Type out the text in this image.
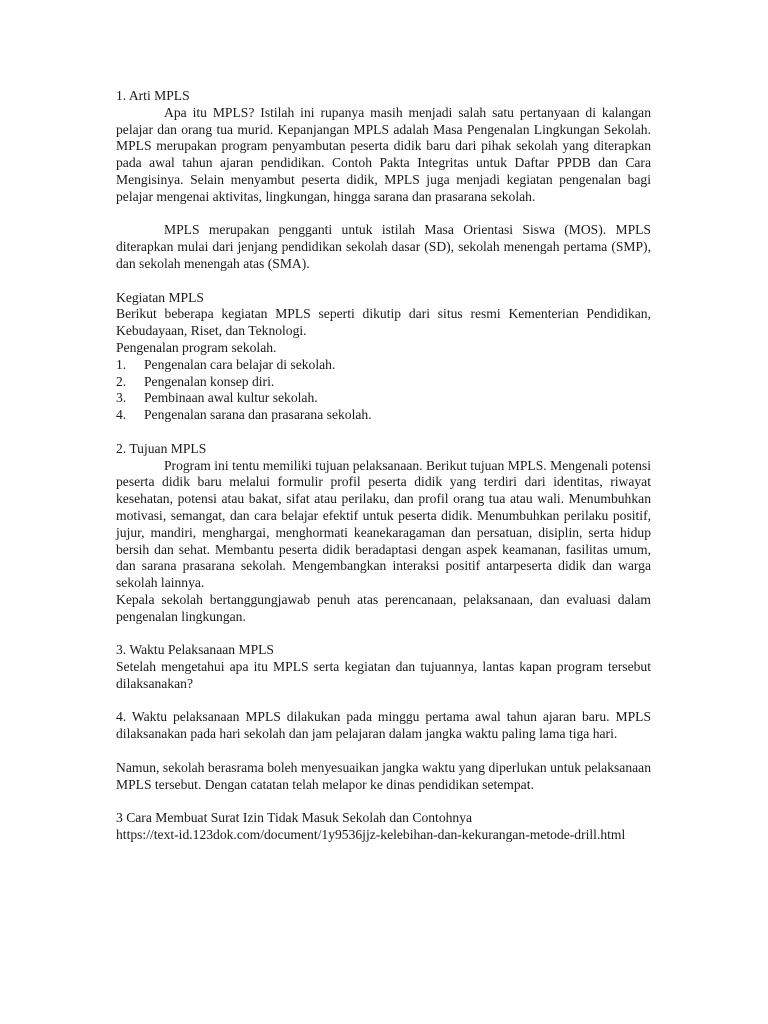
1. Arti MPLS

Apa itu MPLS? Istilah ini rupanya masih menjadi salah satu pertanyaan di kalangan pelajar dan orang tua murid. Kepanjangan MPLS adalah Masa Pengenalan Lingkungan Sekolah. MPLS merupakan program penyambutan peserta didik baru dari pihak sekolah yang diterapkan pada awal tahun ajaran pendidikan. Contoh Pakta Integritas untuk Daftar PPDB dan Cara Mengisinya. Selain menyambut peserta didik, MPLS juga menjadi kegiatan pengenalan bagi pelajar mengenai aktivitas, lingkungan, hingga sarana dan prasarana sekolah.

MPLS merupakan pengganti untuk istilah Masa Orientasi Siswa (MOS). MPLS diterapkan mulai dari jenjang pendidikan sekolah dasar (SD), sekolah menengah pertama (SMP), dan sekolah menengah atas (SMA).

Kegiatan MPLS

Berikut beberapa kegiatan MPLS seperti dikutip dari situs resmi Kementerian Pendidikan, Kebudayaan, Riset, dan Teknologi.

Pengenalan program sekolah.

1. Pengenalan cara belajar di sekolah.
2. Pengenalan konsep diri.
3. Pembinaan awal kultur sekolah.
4. Pengenalan sarana dan prasarana sekolah.

2. Tujuan MPLS

Program ini tentu memiliki tujuan pelaksanaan. Berikut tujuan MPLS. Mengenali potensi peserta didik baru melalui formulir profil peserta didik yang terdiri dari identitas, riwayat kesehatan, potensi atau bakat, sifat atau perilaku, dan profil orang tua atau wali. Menumbuhkan motivasi, semangat, dan cara belajar efektif untuk peserta didik. Menumbuhkan perilaku positif, jujur, mandiri, menghargai, menghormati keanekaragaman dan persatuan, disiplin, serta hidup bersih dan sehat. Membantu peserta didik beradaptasi dengan aspek keamanan, fasilitas umum, dan sarana prasarana sekolah. Mengembangkan interaksi positif antarpeserta didik dan warga sekolah lainnya.

Kepala sekolah bertanggungjawab penuh atas perencanaan, pelaksanaan, dan evaluasi dalam pengenalan lingkungan.

3. Waktu Pelaksanaan MPLS

Setelah mengetahui apa itu MPLS serta kegiatan dan tujuannya, lantas kapan program tersebut dilaksanakan?

4. Waktu pelaksanaan MPLS dilakukan pada minggu pertama awal tahun ajaran baru. MPLS dilaksanakan pada hari sekolah dan jam pelajaran dalam jangka waktu paling lama tiga hari.

Namun, sekolah berasrama boleh menyesuaikan jangka waktu yang diperlukan untuk pelaksanaan MPLS tersebut. Dengan catatan telah melapor ke dinas pendidikan setempat.

3 Cara Membuat Surat Izin Tidak Masuk Sekolah dan Contohnya

https://text-id.123dok.com/document/1y9536jjz-kelebihan-dan-kekurangan-metode-drill.html
